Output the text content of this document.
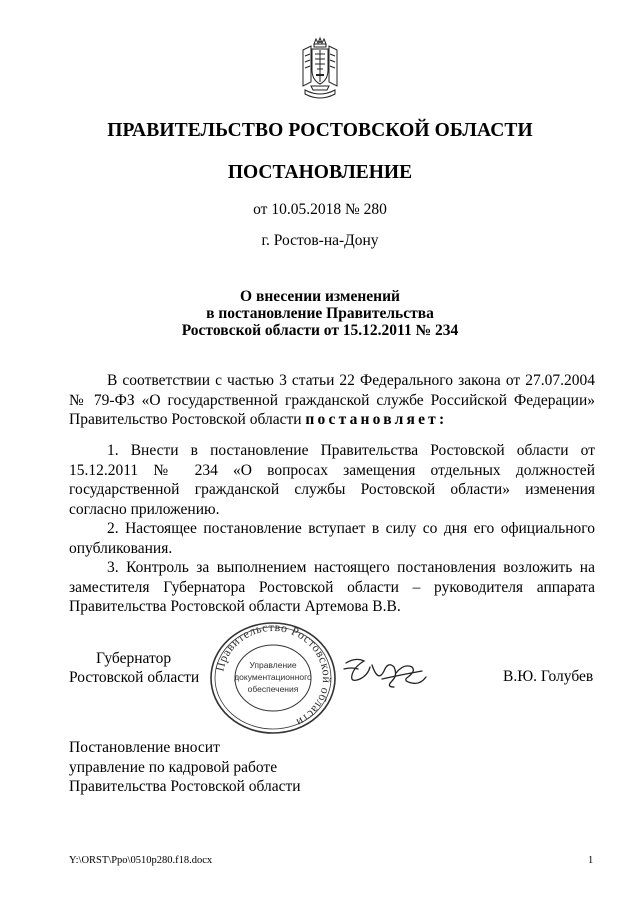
ПРАВИТЕЛЬСТВО РОСТОВСКОЙ ОБЛАСТИ
ПОСТАНОВЛЕНИЕ
от 10.05.2018 № 280
г. Ростов-на-Дону
О внесении изменений
в постановление Правительства
Ростовской области от 15.12.2011 № 234
В соответствии с частью 3 статьи 22 Федерального закона от 27.07.2004 № 79-ФЗ «О государственной гражданской службе Российской Федерации» Правительство Ростовской области постановляет:

1. Внести в постановление Правительства Ростовской области от 15.12.2011 № 234 «О вопросах замещения отдельных должностей государственной гражданской службы Ростовской области» изменения согласно приложению.

2. Настоящее постановление вступает в силу со дня его официального опубликования.

3. Контроль за выполнением настоящего постановления возложить на заместителя Губернатора Ростовской области – руководителя аппарата Правительства Ростовской области Артемова В.В.

Губернатор
Ростовской области
Правительство Ростовской области
Управление
документационного
обеспечения
В.Ю. Голубев
Постановление вносит
управление по кадровой работе
Правительства Ростовской области
Y:\ORST\Ppo\0510p280.f18.docx	1
